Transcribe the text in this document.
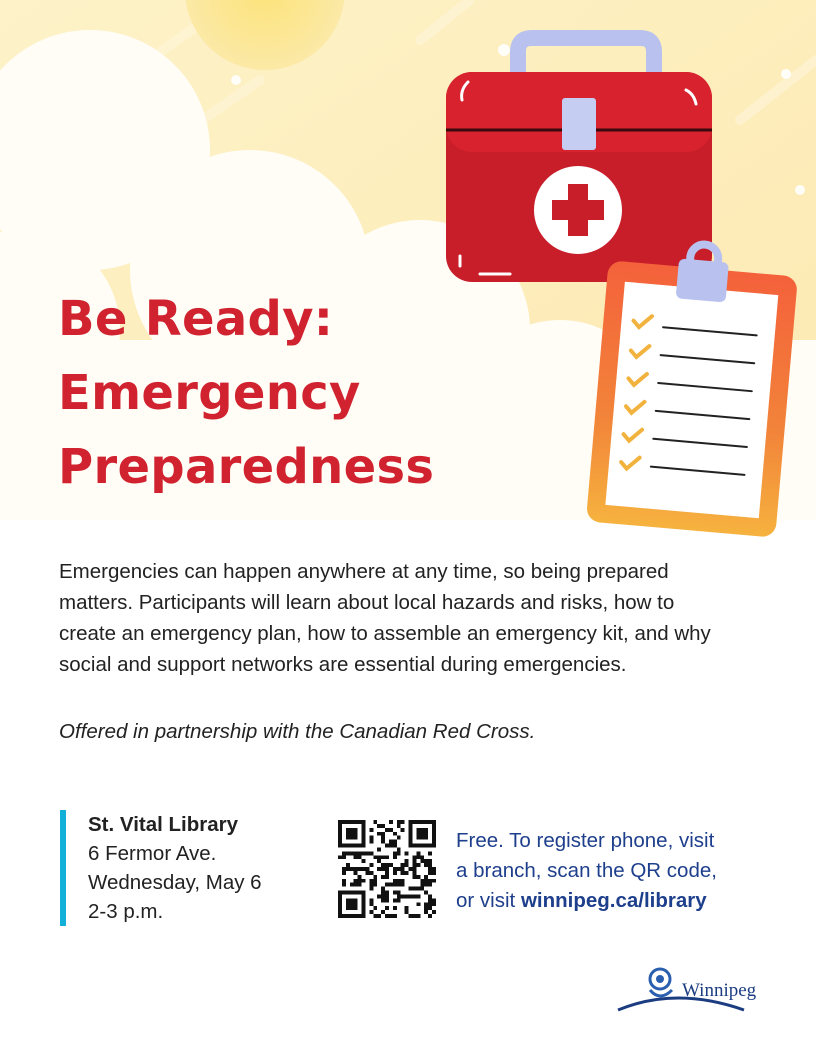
Be Ready:
Emergency
Preparedness

Emergencies can happen anywhere at any time, so being prepared matters. Participants will learn about local hazards and risks, how to create an emergency plan, how to assemble an emergency kit, and why social and support networks are essential during emergencies.

Offered in partnership with the Canadian Red Cross.

St. Vital Library
6 Fermor Ave.
Wednesday, May 6
2-3 p.m.
Free. To register phone, visit
a branch, scan the QR code,
or visit winnipeg.ca/library
Winnipeg
